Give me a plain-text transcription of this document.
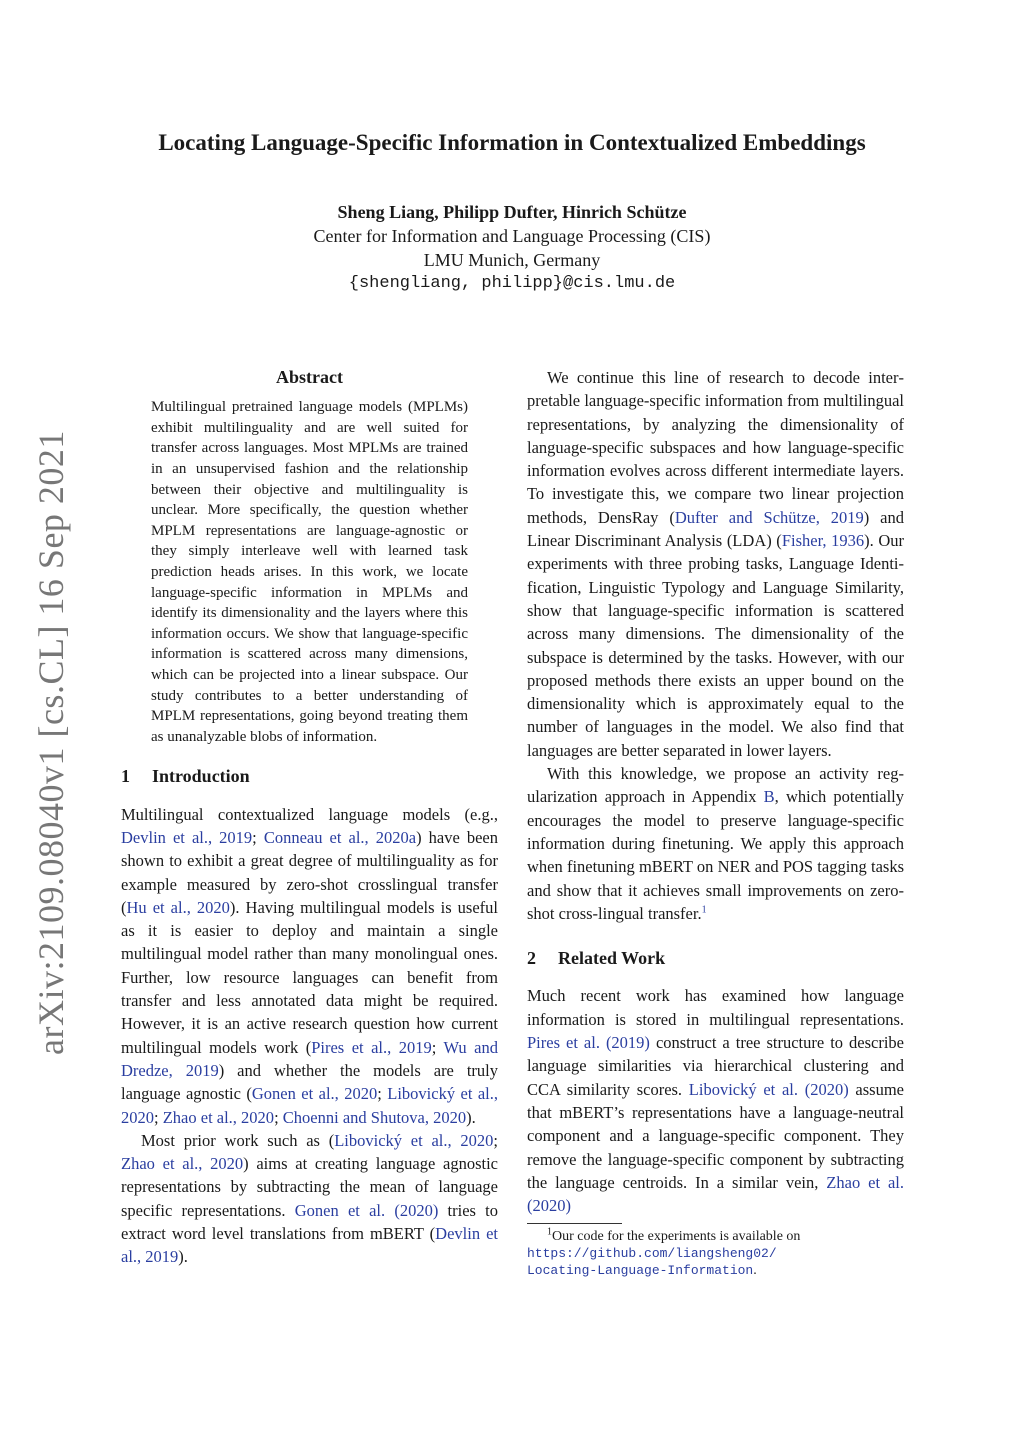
Locating Language-Specific Information in Contextualized Embeddings
Sheng Liang, Philipp Dufter, Hinrich Schütze
Center for Information and Language Processing (CIS)
LMU Munich, Germany
{shengliang, philipp}@cis.lmu.de
arXiv:2109.08040v1 [cs.CL] 16 Sep 2021
Abstract
Multilingual pretrained language models (MPLMs) exhibit multilinguality and are well suited for transfer across languages. Most MPLMs are trained in an unsupervised fashion and the relationship between their objective and multilinguality is unclear. More specifically, the question whether MPLM representations are language-agnostic or they simply interleave well with learned task prediction heads arises. In this work, we locate language-specific information in MPLMs and identify its dimensionality and the layers where this information occurs. We show that language-specific information is scattered across many dimensions, which can be projected into a linear subspace. Our study contributes to a better understanding of MPLM representations, going beyond treating them as unanalyzable blobs of information.
1 Introduction

Multilingual contextualized language models (e.g., Devlin et al., 2019; Conneau et al., 2020a) have been shown to exhibit a great degree of multilinguality as for example measured by zero-shot crosslingual transfer (Hu et al., 2020). Having multilingual models is useful as it is easier to deploy and maintain a single multilingual model rather than many monolingual ones. Further, low resource languages can benefit from transfer and less annotated data might be required. However, it is an active research question how current multilingual models work (Pires et al., 2019; Wu and Dredze, 2019) and whether the models are truly language agnostic (Gonen et al., 2020; Libovický et al., 2020; Zhao et al., 2020; Choenni and Shutova, 2020).

Most prior work such as (Libovický et al., 2020; Zhao et al., 2020) aims at creating language agnostic representations by subtracting the mean of language specific representations. Gonen et al. (2020) tries to extract word level translations from mBERT (Devlin et al., 2019).

We continue this line of research to decode interpretable language-specific information from multilingual representations, by analyzing the dimensionality of language-specific subspaces and how language-specific information evolves across different intermediate layers. To investigate this, we compare two linear projection methods, DensRay (Dufter and Schütze, 2019) and Linear Discriminant Analysis (LDA) (Fisher, 1936). Our experiments with three probing tasks, Language Identification, Linguistic Typology and Language Similarity, show that language-specific information is scattered across many dimensions. The dimensionality of the subspace is determined by the tasks. However, with our proposed methods there exists an upper bound on the dimensionality which is approximately equal to the number of languages in the model. We also find that languages are better separated in lower layers.

With this knowledge, we propose an activity regularization approach in Appendix B, which potentially encourages the model to preserve language-specific information during finetuning. We apply this approach when finetuning mBERT on NER and POS tagging tasks and show that it achieves small improvements on zero-shot cross-lingual transfer.$^1$

2 Related Work

Much recent work has examined how language information is stored in multilingual representations. Pires et al. (2019) construct a tree structure to describe language similarities via hierarchical clustering and CCA similarity scores. Libovický et al. (2020) assume that mBERT’s representations have a language-neutral component and a language-specific component. They remove the language-specific component by subtracting the language centroids. In a similar vein, Zhao et al. (2020)

$^1$Our code for the experiments is available on
https://github.com/liangsheng02/
Locating-Language-Information.
